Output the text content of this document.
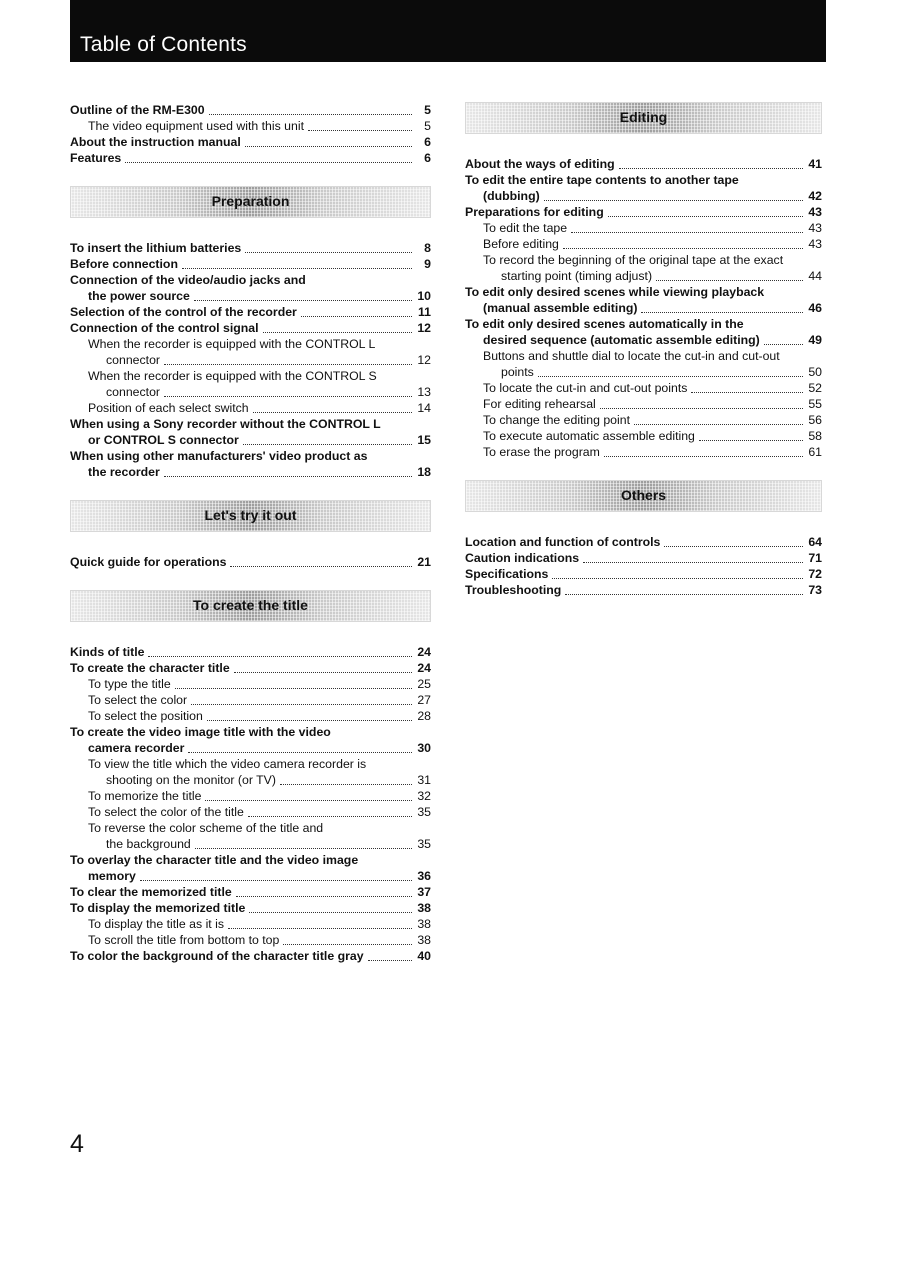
Table of Contents
Outline of the RM-E300	5
The video equipment used with this unit	5
About the instruction manual	6
Features	6
Preparation
To insert the lithium batteries	8
Before connection	9
Connection of the video/audio jacks and
the power source	10
Selection of the control of the recorder	11
Connection of the control signal	12
When the recorder is equipped with the CONTROL L
connector	12
When the recorder is equipped with the CONTROL S
connector	13
Position of each select switch	14
When using a Sony recorder without the CONTROL L
or CONTROL S connector	15
When using other manufacturers' video product as
the recorder	18
Let's try it out
Quick guide for operations	21
To create the title
Kinds of title	24
To create the character title	24
To type the title	25
To select the color	27
To select the position	28
To create the video image title with the video
camera recorder	30
To view the title which the video camera recorder is
shooting on the monitor (or TV)	31
To memorize the title	32
To select the color of the title	35
To reverse the color scheme of the title and
the background	35
To overlay the character title and the video image
memory	36
To clear the memorized title	37
To display the memorized title	38
To display the title as it is	38
To scroll the title from bottom to top	38
To color the background of the character title gray	40
Editing
About the ways of editing	41
To edit the entire tape contents to another tape
(dubbing)	42
Preparations for editing	43
To edit the tape	43
Before editing	43
To record the beginning of the original tape at the exact
starting point (timing adjust)	44
To edit only desired scenes while viewing playback
(manual assemble editing)	46
To edit only desired scenes automatically in the
desired sequence (automatic assemble editing)	49
Buttons and shuttle dial to locate the cut-in and cut-out
points	50
To locate the cut-in and cut-out points	52
For editing rehearsal	55
To change the editing point	56
To execute automatic assemble editing	58
To erase the program	61
Others
Location and function of controls	64
Caution indications	71
Specifications	72
Troubleshooting	73
4
